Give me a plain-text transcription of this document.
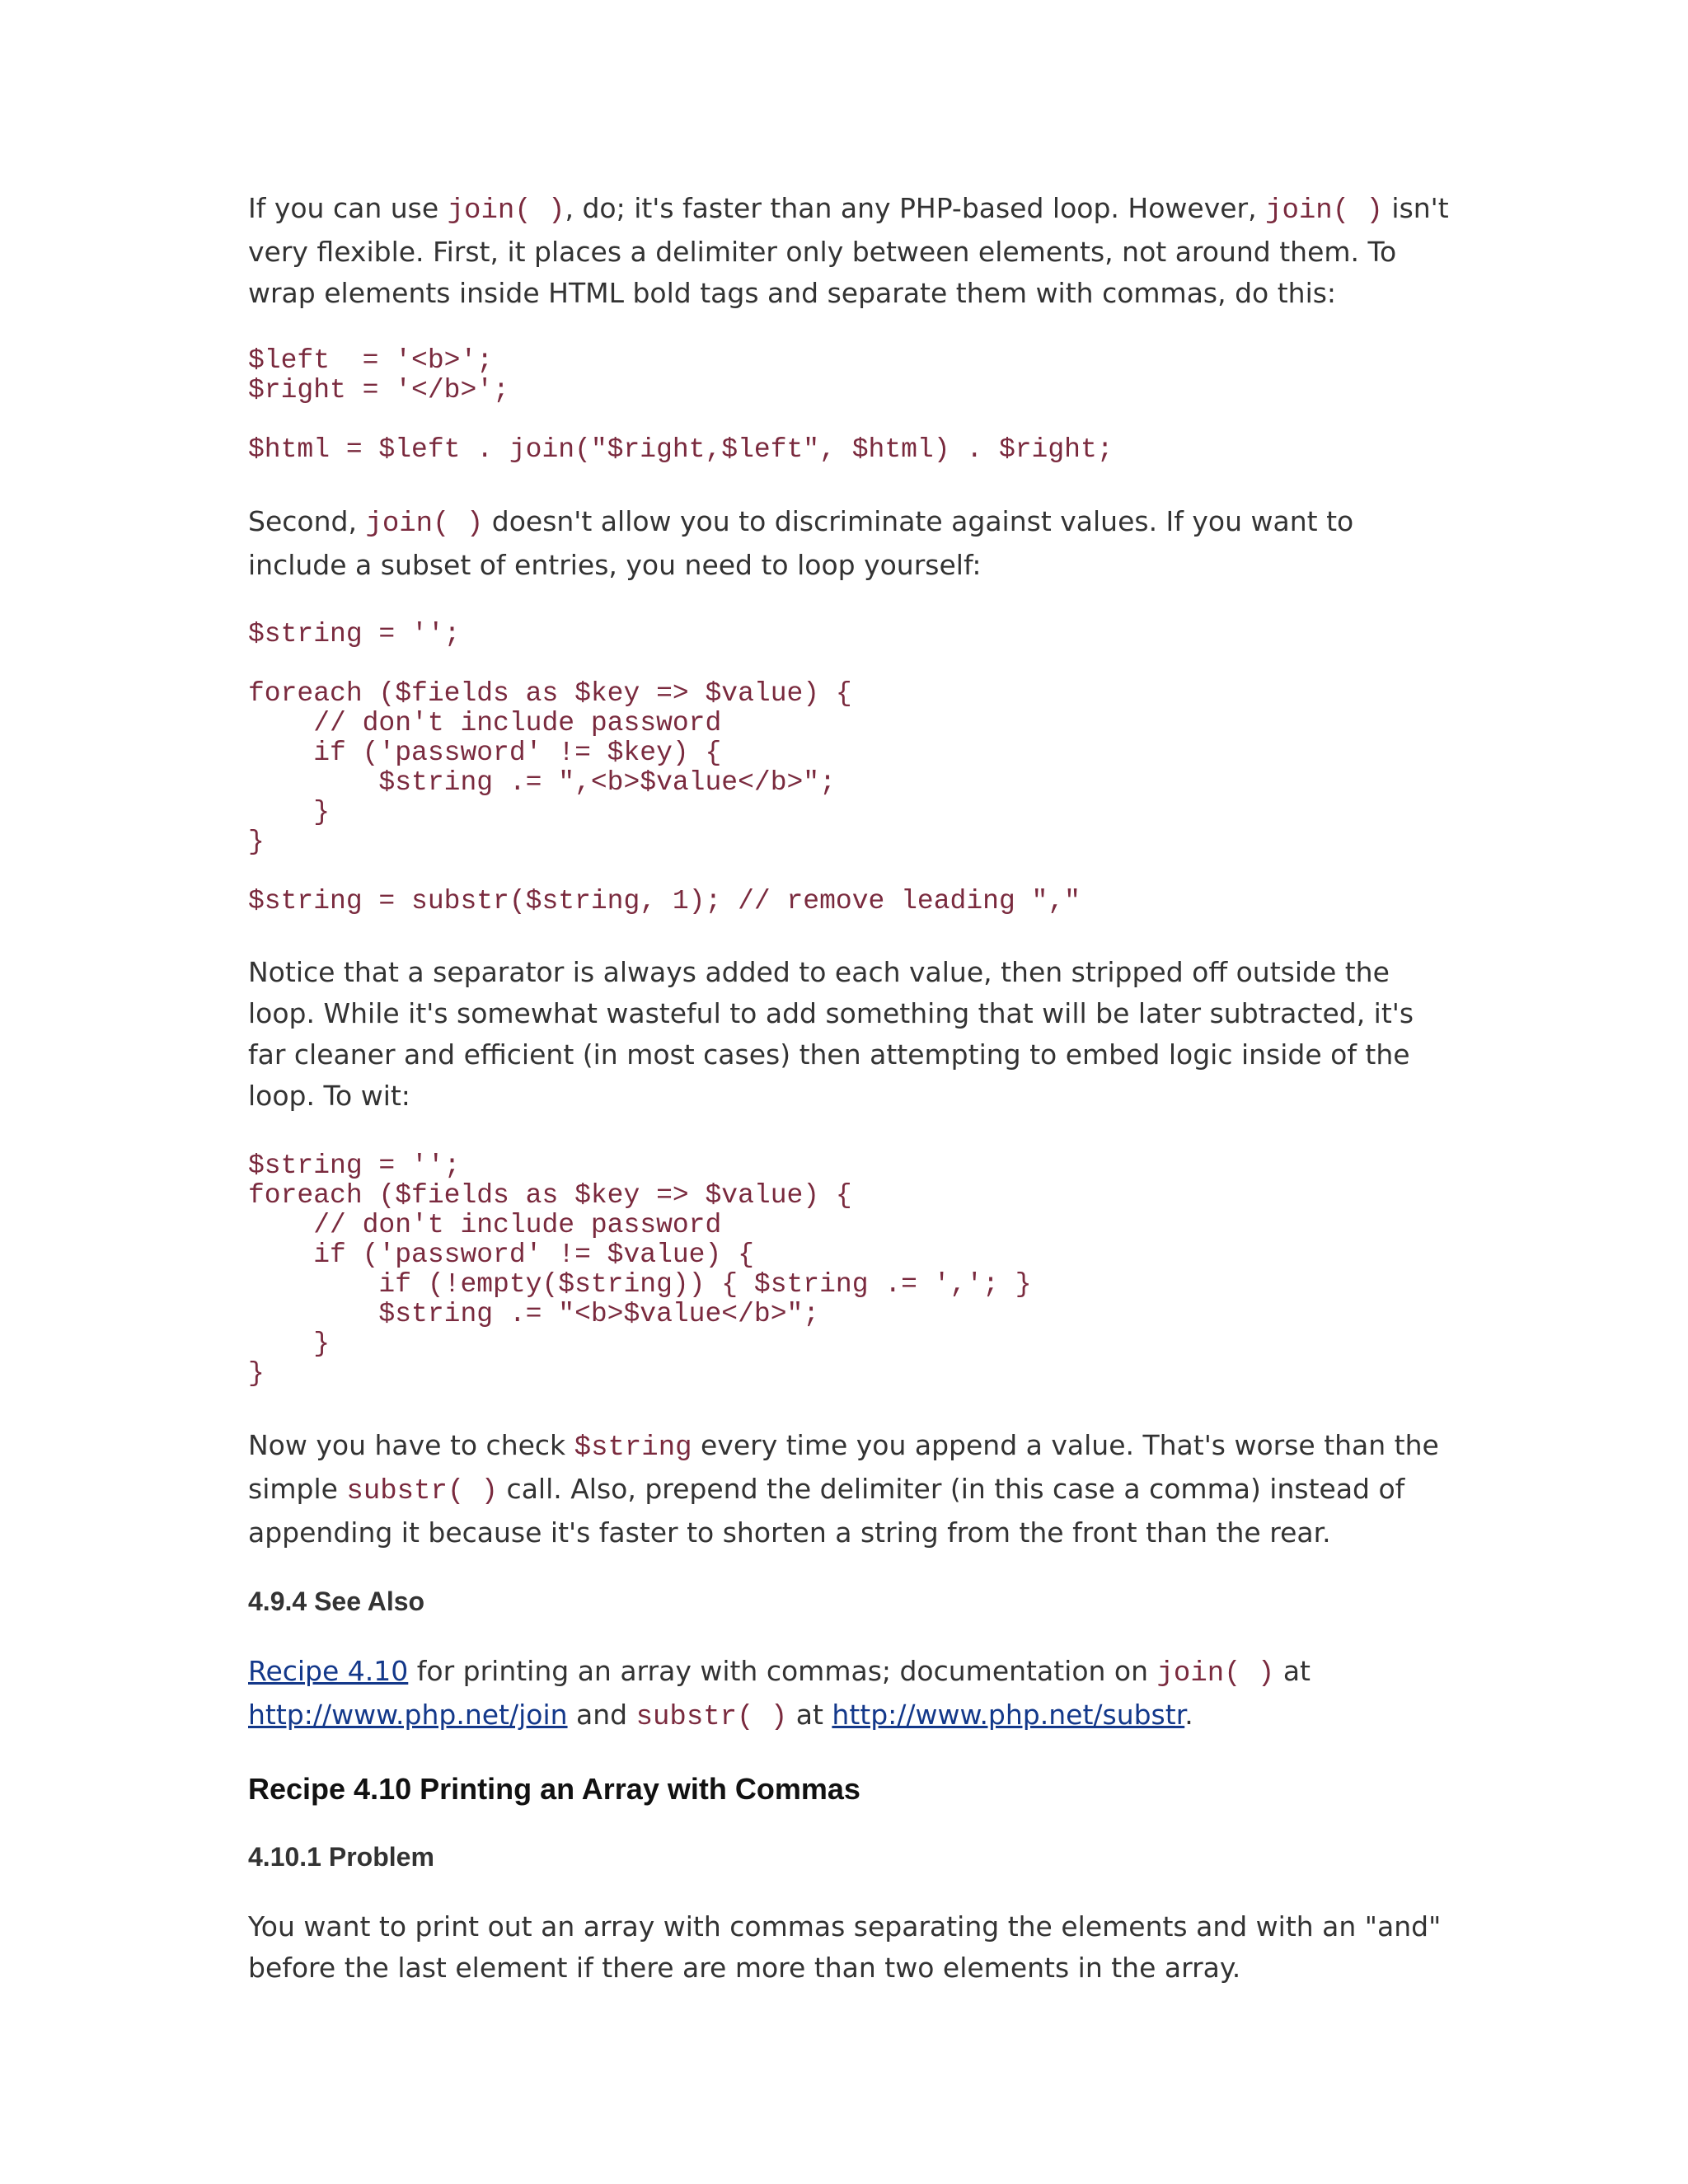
If you can use join( ), do; it's faster than any PHP-based loop. However, join( ) isn't very flexible. First, it places a delimiter only between elements, not around them. To wrap elements inside HTML bold tags and separate them with commas, do this:

$left  = '<b>';
$right = '</b>';

$html = $left . join("$right,$left", $html) . $right;

Second, join( ) doesn't allow you to discriminate against values. If you want to include a subset of entries, you need to loop yourself:

$string = '';

foreach ($fields as $key => $value) {
// don't include password
if ('password' != $key) {
$string .= ",<b>$value</b>";
}
}

$string = substr($string, 1); // remove leading ","

Notice that a separator is always added to each value, then stripped off outside the loop. While it's somewhat wasteful to add something that will be later subtracted, it's far cleaner and efficient (in most cases) then attempting to embed logic inside of the loop. To wit:

$string = '';
foreach ($fields as $key => $value) {
// don't include password
if ('password' != $value) {
if (!empty($string)) { $string .= ','; }
$string .= "<b>$value</b>";
}
}

Now you have to check $string every time you append a value. That's worse than the simple substr( ) call. Also, prepend the delimiter (in this case a comma) instead of appending it because it's faster to shorten a string from the front than the rear.

4.9.4 See Also

Recipe 4.10 for printing an array with commas; documentation on join( ) at http://www.php.net/join and substr( ) at http://www.php.net/substr.

Recipe 4.10 Printing an Array with Commas
4.10.1 Problem

You want to print out an array with commas separating the elements and with an "and" before the last element if there are more than two elements in the array.
